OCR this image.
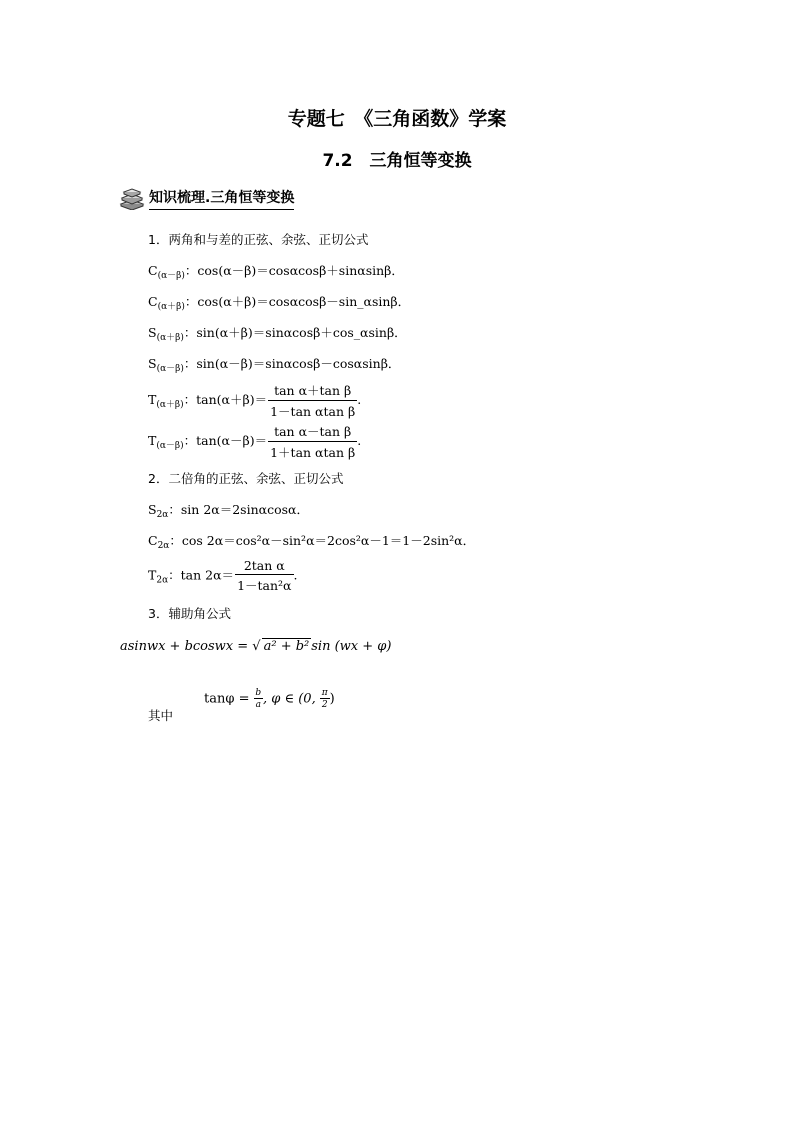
专题七　《三角函数》学案
7.2　三角恒等变换
知识梳理.三角恒等变换
1．两角和与差的正弦、余弦、正切公式
$C_{(\alpha-\beta)}$：cos(α－β)＝cosαcosβ＋sinαsinβ．
$C_{(\alpha+\beta)}$：cos(α＋β)＝cosαcosβ－sin_αsinβ．
$S_{(\alpha+\beta)}$：sin(α＋β)＝sinαcosβ＋cos_αsinβ．
$S_{(\alpha-\beta)}$：sin(α－β)＝sinαcosβ－cosαsinβ．
$T_{(\alpha+\beta)}$：$\tan(\alpha+\beta)= \frac{\text{tan α＋tan β}}{\text{1－tan αtan β}}$ .
$T_{(\alpha-\beta)}$：$\tan(\alpha-\beta)= \frac{\text{tan α－tan β}}{\text{1＋tan αtan β}}$ .
2．二倍角的正弦、余弦、正切公式
$S_{2\alpha}$：sin 2α＝2sinαcosα．
$C_{2\alpha}$：cos 2α＝cos²α－sin²α＝2cos²α－1＝1－2sin²α．
$T_{2\alpha}$：$\tan 2\alpha= \frac{\text{2tan α}}{\text{1－tan²α}}$ .
3．辅助角公式
asinwx + bcoswx = √ a² + b² sin (wx + φ)
$\tan\varphi = \frac{b}{a}$ , φ ∈ (0, $\frac{\pi}{2}$ )
其中
